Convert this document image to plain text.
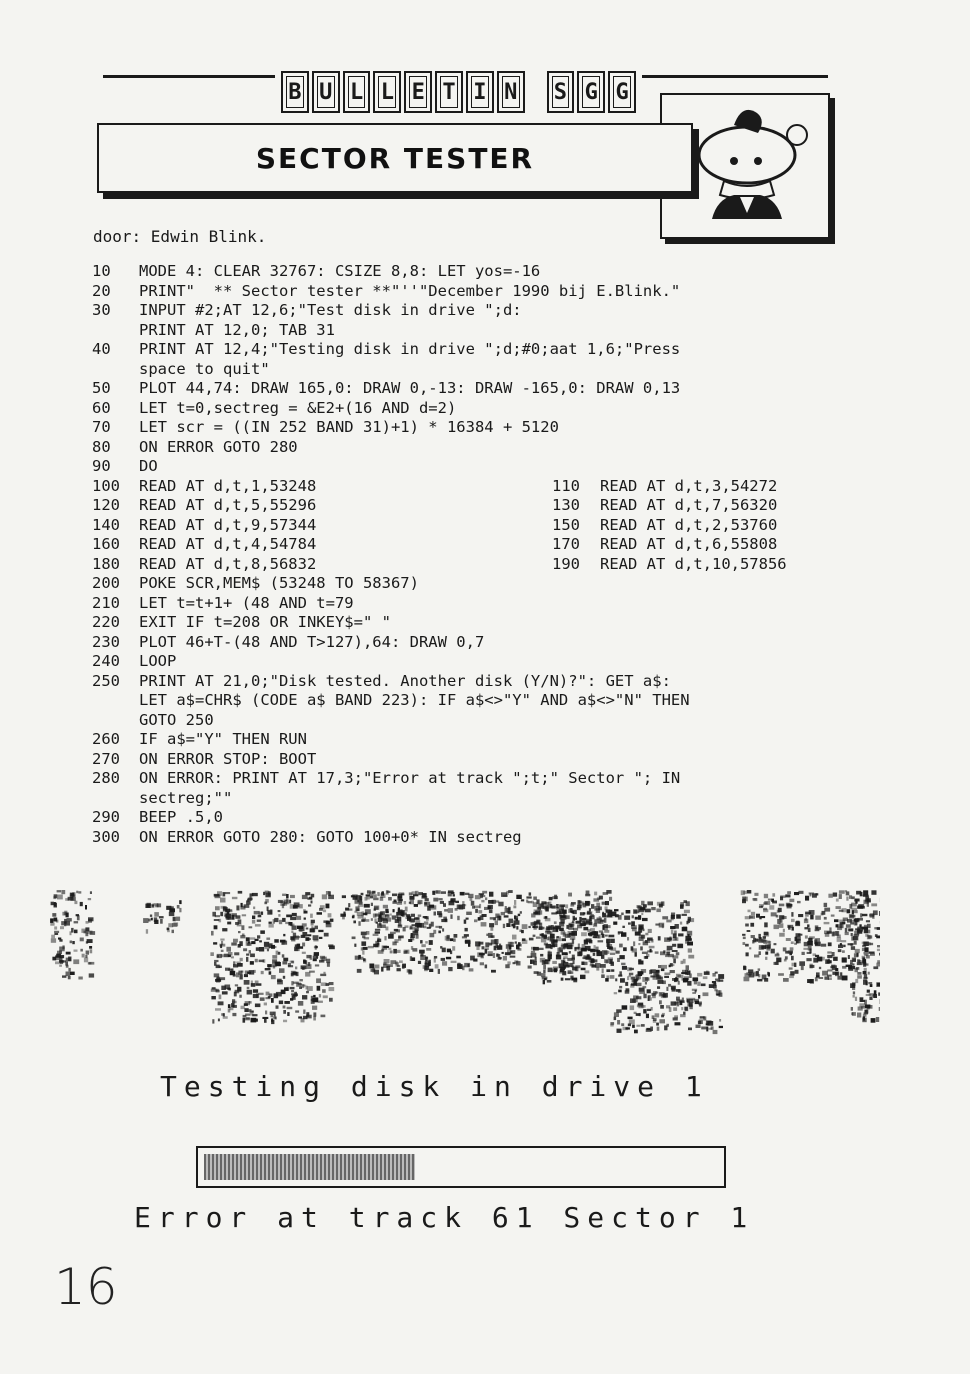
B U L L E T I N	S G G
SECTOR TESTER
door: Edwin Blink.
10	MODE 4: CLEAR 32767: CSIZE 8,8: LET yos=-16
20	PRINT"  ** Sector tester **"''"December 1990 bij E.Blink."
30	INPUT #2;AT 12,6;"Test disk in drive ";d:
PRINT AT 12,0; TAB 31
40	PRINT AT 12,4;"Testing disk in drive ";d;#0;aat 1,6;"Press
space to quit"
50	PLOT 44,74: DRAW 165,0: DRAW 0,-13: DRAW -165,0: DRAW 0,13
60	LET t=0,sectreg = &E2+(16 AND d=2)
70	LET scr = ((IN 252 BAND 31)+1) * 16384 + 5120
80	ON ERROR GOTO 280
90	DO
100	READ AT d,t,1,53248	110 READ AT d,t,3,54272
120	READ AT d,t,5,55296	130 READ AT d,t,7,56320
140	READ AT d,t,9,57344	150 READ AT d,t,2,53760
160	READ AT d,t,4,54784	170 READ AT d,t,6,55808
180	READ AT d,t,8,56832	190 READ AT d,t,10,57856
200	POKE SCR,MEM$ (53248 TO 58367)
210	LET t=t+1+ (48 AND t=79
220	EXIT IF t=208 OR INKEY$=" "
230	PLOT 46+T-(48 AND T>127),64: DRAW 0,7
240	LOOP
250	PRINT AT 21,0;"Disk tested. Another disk (Y/N)?": GET a$:
LET a$=CHR$ (CODE a$ BAND 223): IF a$<>"Y" AND a$<>"N" THEN
GOTO 250
260	IF a$="Y" THEN RUN
270	ON ERROR STOP: BOOT
280	ON ERROR: PRINT AT 17,3;"Error at track ";t;" Sector "; IN
sectreg;""
290	BEEP .5,0
300	ON ERROR GOTO 280: GOTO 100+0* IN sectreg
Testing disk in drive 1
Error at track 61 Sector 1
16
